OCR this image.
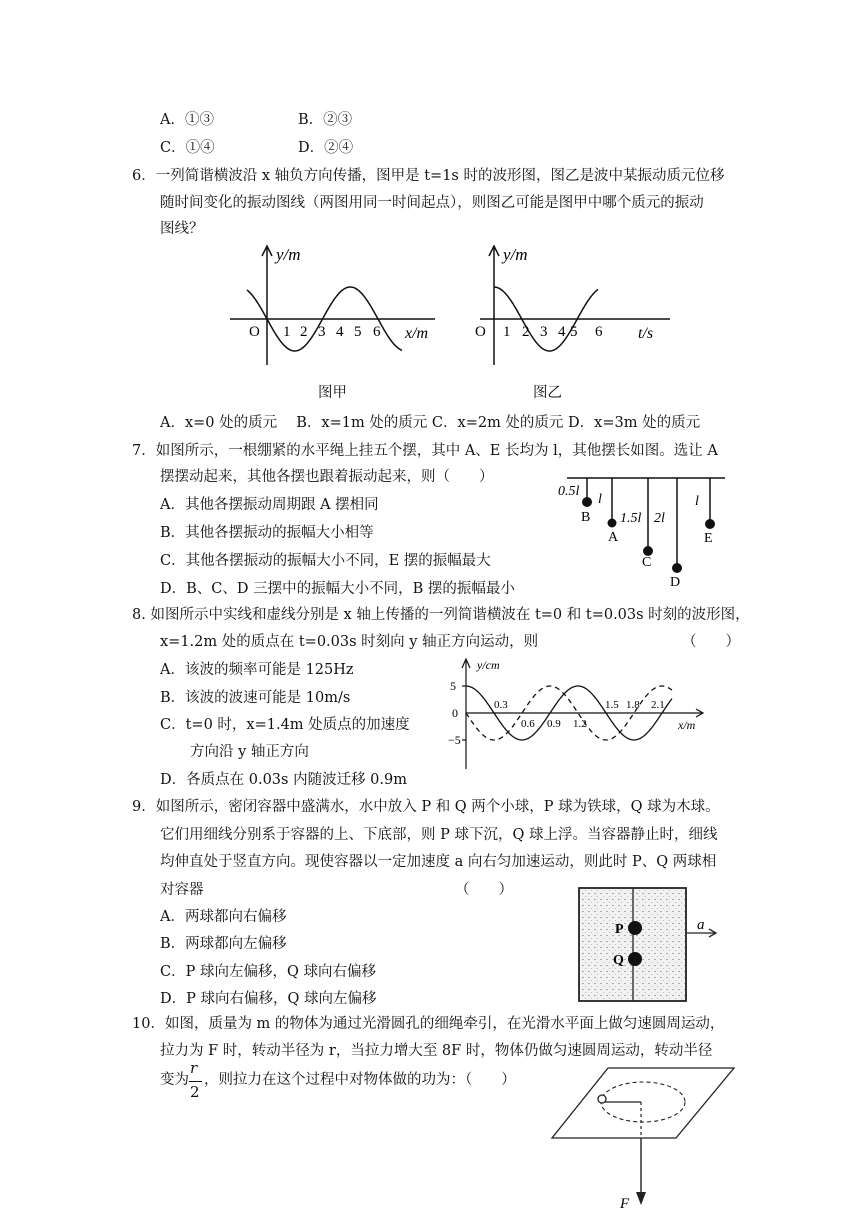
A．①③	B．②③
C．①④	D．②④
6．一列简谐横波沿 x 轴负方向传播，图甲是 t=1s 时的波形图，图乙是波中某振动质元位移
随时间变化的振动图线（两图用同一时间起点），则图乙可能是图甲中哪个质元的振动
图线？
y/m
x/m
O 1 2 3 4 5 6
图甲
y/m
t/s
O 1 2 3 4 5 6
图乙
A．x=0 处的质元　 B．x=1m 处的质元 C．x=2m 处的质元 D．x=3m 处的质元
7．如图所示，一根绷紧的水平绳上挂五个摆，其中 A、E 长均为 l，其他摆长如图。选让 A
摆摆动起来，其他各摆也跟着振动起来，则（　　）
A．其他各摆振动周期跟 A 摆相同
B．其他各摆振动的振幅大小相等
C．其他各摆振动的振幅大小不同，E 摆的振幅最大
D．B、C、D 三摆中的振幅大小不同，B 摆的振幅最小
0.5l
l
1.5l 2l
l
B
A
C
D
E
8. 如图所示中实线和虚线分别是 x 轴上传播的一列简谐横波在 t=0 和 t=0.03s 时刻的波形图，
x=1.2m 处的质点在 t=0.03s 时刻向 y 轴正方向运动，则	（　　）
A．该波的频率可能是 125Hz
B．该波的波速可能是 10m/s
C．t=0 时，x=1.4m 处质点的加速度
方向沿 y 轴正方向
D．各质点在 0.03s 内随波迁移 0.9m
y/cm
x/m
5
0
−5
0.3
0.6 0.9 1.2
1.5 1.8 2.1
9．如图所示，密闭容器中盛满水，水中放入 P 和 Q 两个小球，P 球为铁球，Q 球为木球。
它们用细线分别系于容器的上、下底部，则 P 球下沉，Q 球上浮。当容器静止时，细线
均伸直处于竖直方向。现使容器以一定加速度 a 向右匀加速运动，则此时 P、Q 两球相
对容器	（　　）
A．两球都向右偏移
B．两球都向左偏移
C．P 球向左偏移，Q 球向右偏移
D．P 球向右偏移，Q 球向左偏移
P
Q
a
10．如图，质量为 m 的物体为通过光滑圆孔的细绳牵引，在光滑水平面上做匀速圆周运动，
拉力为 F 时，转动半径为 r，当拉力增大至 8F 时，物体仍做匀速圆周运动，转动半径
变为
r
2
，则拉力在这个过程中对物体做的功为：（　　）
F
